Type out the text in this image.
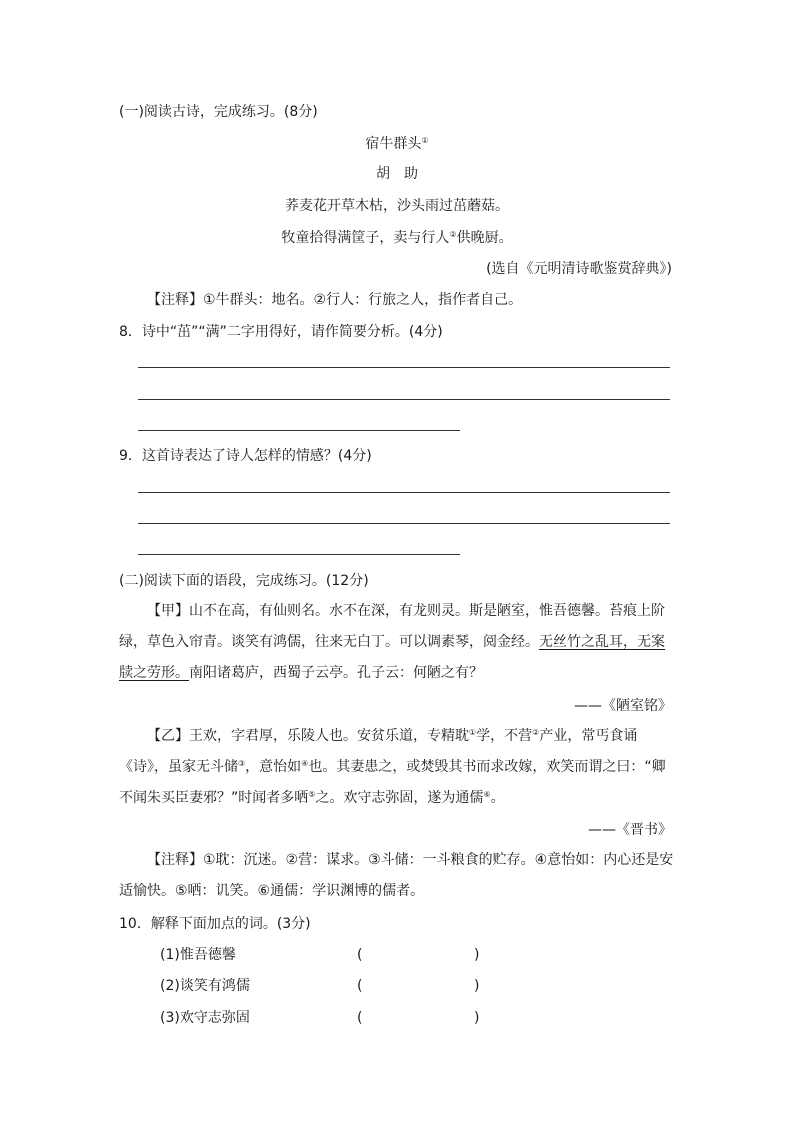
(一)阅读古诗，完成练习。(8分)
宿牛群头①
胡　助
荞麦花开草木枯，沙头雨过茁蘑菇。
牧童拾得满筐子，卖与行人②供晚厨。
(选自《元明清诗歌鉴赏辞典》)
【注释】①牛群头：地名。②行人：行旅之人，指作者自己。
8．诗中“茁”“满”二字用得好，请作简要分析。(4分)
9．这首诗表达了诗人怎样的情感？(4分)
(二)阅读下面的语段，完成练习。(12分)
【甲】山不在高，有仙则名。水不在深，有龙则灵。斯是陋室，惟吾德馨。苔痕上阶绿，草色入帘青。谈笑有鸿儒，往来无白丁。可以调素琴，阅金经。无丝竹之乱耳，无案牍之劳形。南阳诸葛庐，西蜀子云亭。孔子云：何陋之有？
——《陋室铭》
【乙】王欢，字君厚，乐陵人也。安贫乐道，专精耽①学，不营②产业，常丐食诵《诗》，虽家无斗储③，意怡如④也。其妻患之，或焚毁其书而求改嫁，欢笑而谓之曰：“卿不闻朱买臣妻邪？”时闻者多哂⑤之。欢守志弥固，遂为通儒⑥。
——《晋书》
【注释】①耽：沉迷。②营：谋求。③斗储：一斗粮食的贮存。④意怡如：内心还是安适愉快。⑤哂：讥笑。⑥通儒：学识渊博的儒者。
10．解释下面加点的词。(3分)
(1)惟吾德馨	(	)
(2)谈笑有鸿儒	(	)
(3)欢守志弥固	(	)
